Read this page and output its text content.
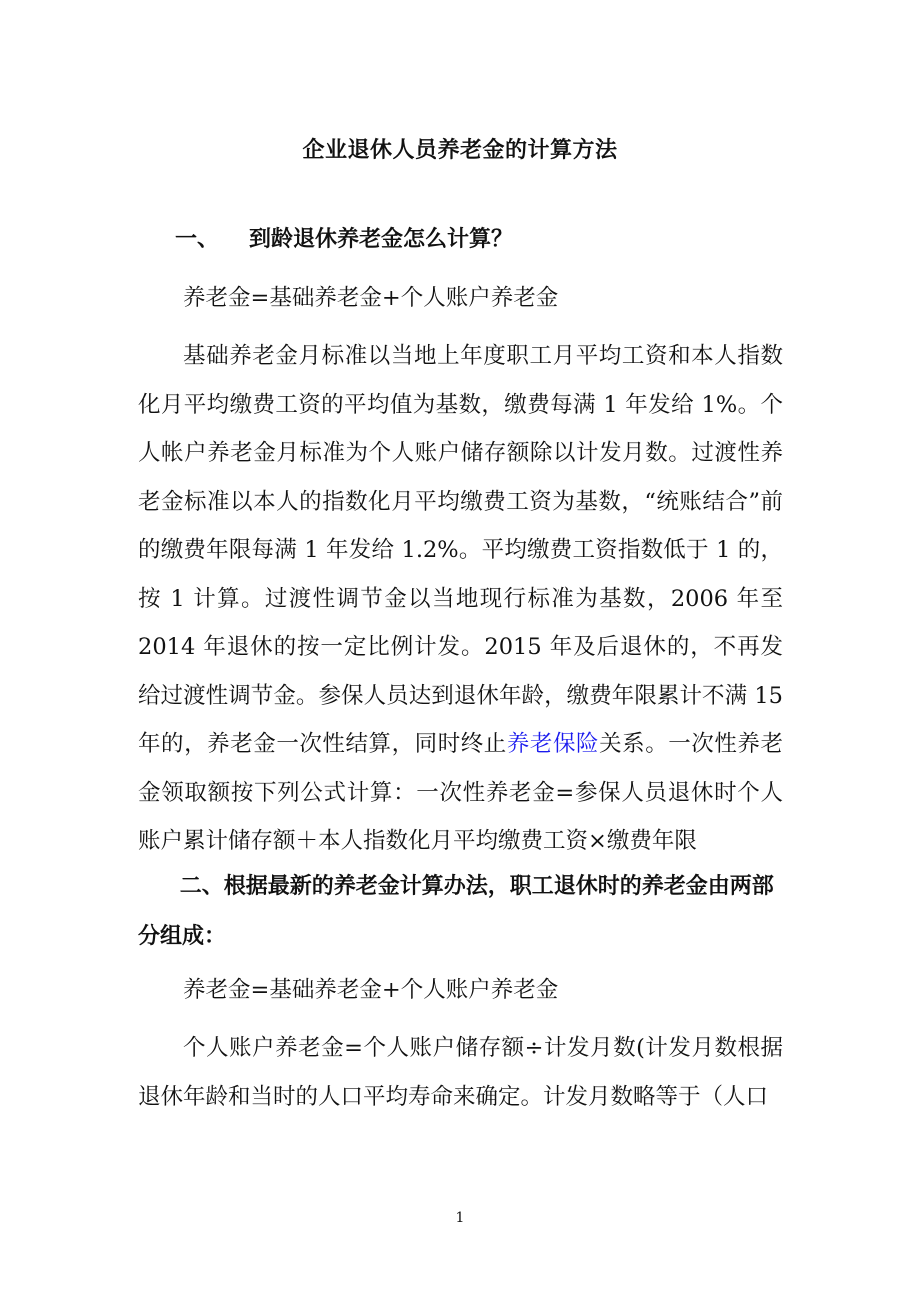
企业退休人员养老金的计算方法

一、 到龄退休养老金怎么计算？

养老金=基础养老金+个人账户养老金

基础养老金月标准以当地上年度职工月平均工资和本人指数化月平均缴费工资的平均值为基数，缴费每满 1 年发给 1%。个人帐户养老金月标准为个人账户储存额除以计发月数。过渡性养老金标准以本人的指数化月平均缴费工资为基数，“统账结合”前的缴费年限每满 1 年发给 1.2%。平均缴费工资指数低于 1 的，按 1 计算。过渡性调节金以当地现行标准为基数，2006 年至 2014 年退休的按一定比例计发。2015 年及后退休的，不再发给过渡性调节金。参保人员达到退休年龄，缴费年限累计不满 15 年的，养老金一次性结算，同时终止养老保险关系。一次性养老金领取额按下列公式计算：一次性养老金=参保人员退休时个人账户累计储存额＋本人指数化月平均缴费工资×缴费年限

二、根据最新的养老金计算办法，职工退休时的养老金由两部分组成：

养老金=基础养老金+个人账户养老金

个人账户养老金=个人账户储存额÷计发月数(计发月数根据退休年龄和当时的人口平均寿命来确定。计发月数略等于（人口

1
